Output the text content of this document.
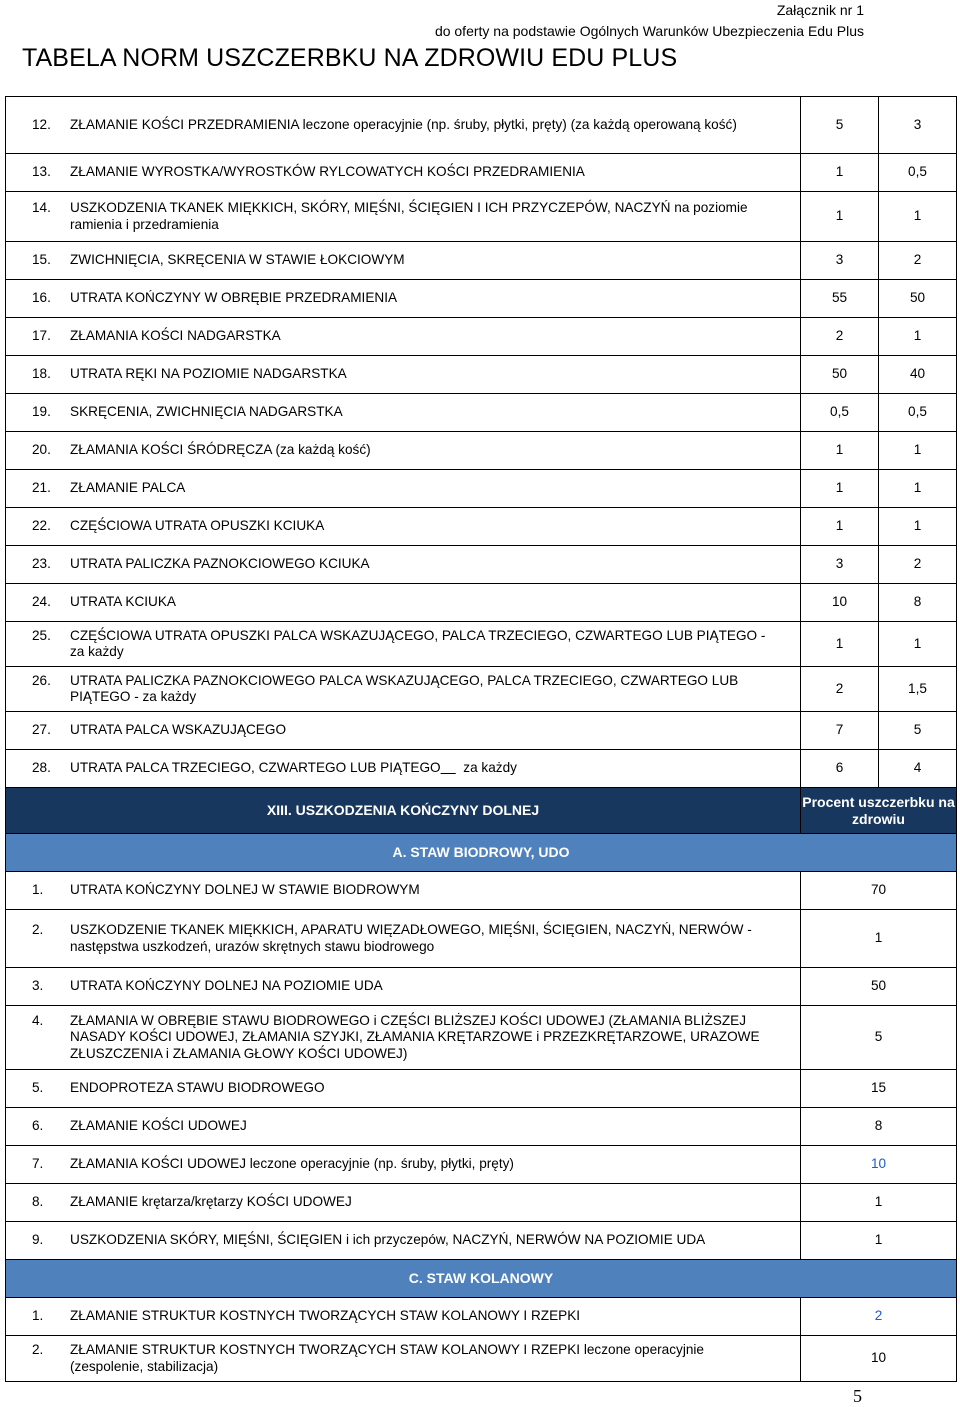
Załącznik nr 1
do oferty na podstawie Ogólnych Warunków Ubezpieczenia Edu Plus
TABELA NORM USZCZERBKU NA ZDROWIU EDU PLUS
12. ZŁAMANIE KOŚCI PRZEDRAMIENIA leczone operacyjnie (np. śruby, płytki, pręty) (za każdą operowaną kość)	5	3

13. ZŁAMANIE WYROSTKA/WYROSTKÓW RYLCOWATYCH KOŚCI PRZEDRAMIENIA	1	0,5

14. USZKODZENIA TKANEK MIĘKKICH, SKÓRY, MIĘŚNI, ŚCIĘGIEN I ICH PRZYCZEPÓW, NACZYŃ na poziomie ramienia i przedramienia	1	1

15. ZWICHNIĘCIA, SKRĘCENIA W STAWIE ŁOKCIOWYM	3	2

16. UTRATA KOŃCZYNY W OBRĘBIE PRZEDRAMIENIA	55	50

17. ZŁAMANIA KOŚCI NADGARSTKA	2	1

18. UTRATA RĘKI NA POZIOMIE NADGARSTKA	50	40

19. SKRĘCENIA, ZWICHNIĘCIA NADGARSTKA	0,5	0,5

20. ZŁAMANIA KOŚCI ŚRÓDRĘCZA (za każdą kość)	1	1

21. ZŁAMANIE PALCA	1	1

22. CZĘŚCIOWA UTRATA OPUSZKI KCIUKA	1	1

23. UTRATA PALICZKA PAZNOKCIOWEGO KCIUKA	3	2

24. UTRATA KCIUKA	10	8

25. CZĘŚCIOWA UTRATA OPUSZKI PALCA WSKAZUJĄCEGO, PALCA TRZECIEGO, CZWARTEGO LUB PIĄTEGO - za każdy	1	1

26. UTRATA PALICZKA PAZNOKCIOWEGO PALCA WSKAZUJĄCEGO, PALCA TRZECIEGO, CZWARTEGO LUB PIĄTEGO - za każdy	2	1,5

27. UTRATA PALCA WSKAZUJĄCEGO	7	5

28. UTRATA PALCA TRZECIEGO, CZWARTEGO LUB PIĄTEGO za każdy	6	4
XIII. USZKODZENIA KOŃCZYNY DOLNEJ	Procent uszczerbku na zdrowiu	
A. STAW BIODROWY, UDO		

1. UTRATA KOŃCZYNY DOLNEJ W STAWIE BIODROWYM	70	

2. USZKODZENIE TKANEK MIĘKKICH, APARATU WIĘZADŁOWEGO, MIĘŚNI, ŚCIĘGIEN, NACZYŃ, NERWÓW - następstwa uszkodzeń, urazów skrętnych stawu biodrowego	1	

3. UTRATA KOŃCZYNY DOLNEJ NA POZIOMIE UDA	50	

4. ZŁAMANIA W OBRĘBIE STAWU BIODROWEGO i CZĘŚCI BLIŻSZEJ KOŚCI UDOWEJ (ZŁAMANIA BLIŻSZEJ NASADY KOŚCI UDOWEJ, ZŁAMANIA SZYJKI, ZŁAMANIA KRĘTARZOWE i PRZEZKRĘTARZOWE, URAZOWE ZŁUSZCZENIA i ZŁAMANIA GŁOWY KOŚCI UDOWEJ)	5	

5. ENDOPROTEZA STAWU BIODROWEGO	15	

6. ZŁAMANIE KOŚCI UDOWEJ	8	

7. ZŁAMANIA KOŚCI UDOWEJ leczone operacyjnie (np. śruby, płytki, pręty)	10	

8. ZŁAMANIE krętarza/krętarzy KOŚCI UDOWEJ	1	

9. USZKODZENIA SKÓRY, MIĘŚNI, ŚCIĘGIEN i ich przyczepów, NACZYŃ, NERWÓW NA POZIOMIE UDA	1	
C. STAW KOLANOWY		

1. ZŁAMANIE STRUKTUR KOSTNYCH TWORZĄCYCH STAW KOLANOWY I RZEPKI	2	

2. ZŁAMANIE STRUKTUR KOSTNYCH TWORZĄCYCH STAW KOLANOWY I RZEPKI leczone operacyjnie (zespolenie, stabilizacja)	10	
5
